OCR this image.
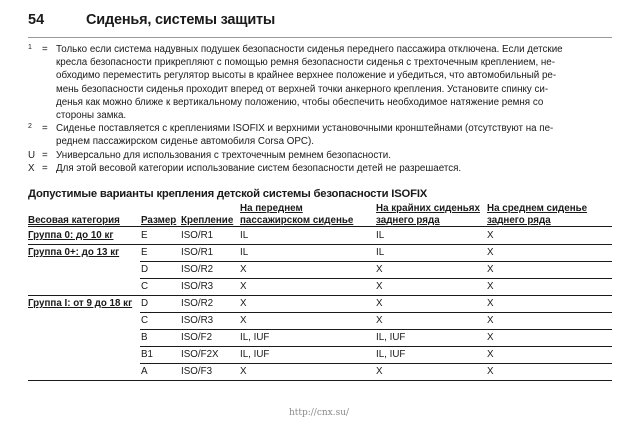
54	Сиденья, системы защиты
1	= Только если система надувных подушек безопасности сиденья переднего пассажира отключена. Если детские
кресла безопасности прикрепляют с помощью ремня безопасности сиденья с трехточечным креплением, не-
обходимо переместить регулятор высоты в крайнее верхнее положение и убедиться, что автомобильный ре-
мень безопасности сиденья проходит вперед от верхней точки анкерного крепления. Установите спинку си-
денья как можно ближе к вертикальному положению, чтобы обеспечить необходимое натяжение ремня со
стороны замка.
2	= Сиденье поставляется с креплениями ISOFIX и верхними установочными кронштейнами (отсутствуют на пе-
реднем пассажирском сиденье автомобиля Corsa OPC).
U = Универсально для использования с трехточечным ремнем безопасности.
X = Для этой весовой категории использование систем безопасности детей не разрешается.
Допустимые варианты крепления детской системы безопасности ISOFIX
Весовая категория Размер Крепление
На переднем
пассажирском сиденье
На крайних сиденьях
заднего ряда
На среднем сиденье
заднего ряда
Группа 0: до 10 кг	E	ISO/R1	IL	IL	X
Группа 0+: до 13 кг E	ISO/R1	IL	IL	X
D	ISO/R2	X	X	X
C	ISO/R3	X	X	X
Группа I: от 9 до 18 кг D	ISO/R2	X	X	X
C	ISO/R3	X	X	X
B	ISO/F2	IL, IUF	IL, IUF	X
B1	ISO/F2X IL, IUF	IL, IUF	X
A	ISO/F3	X	X	X
http://cnx.su/
